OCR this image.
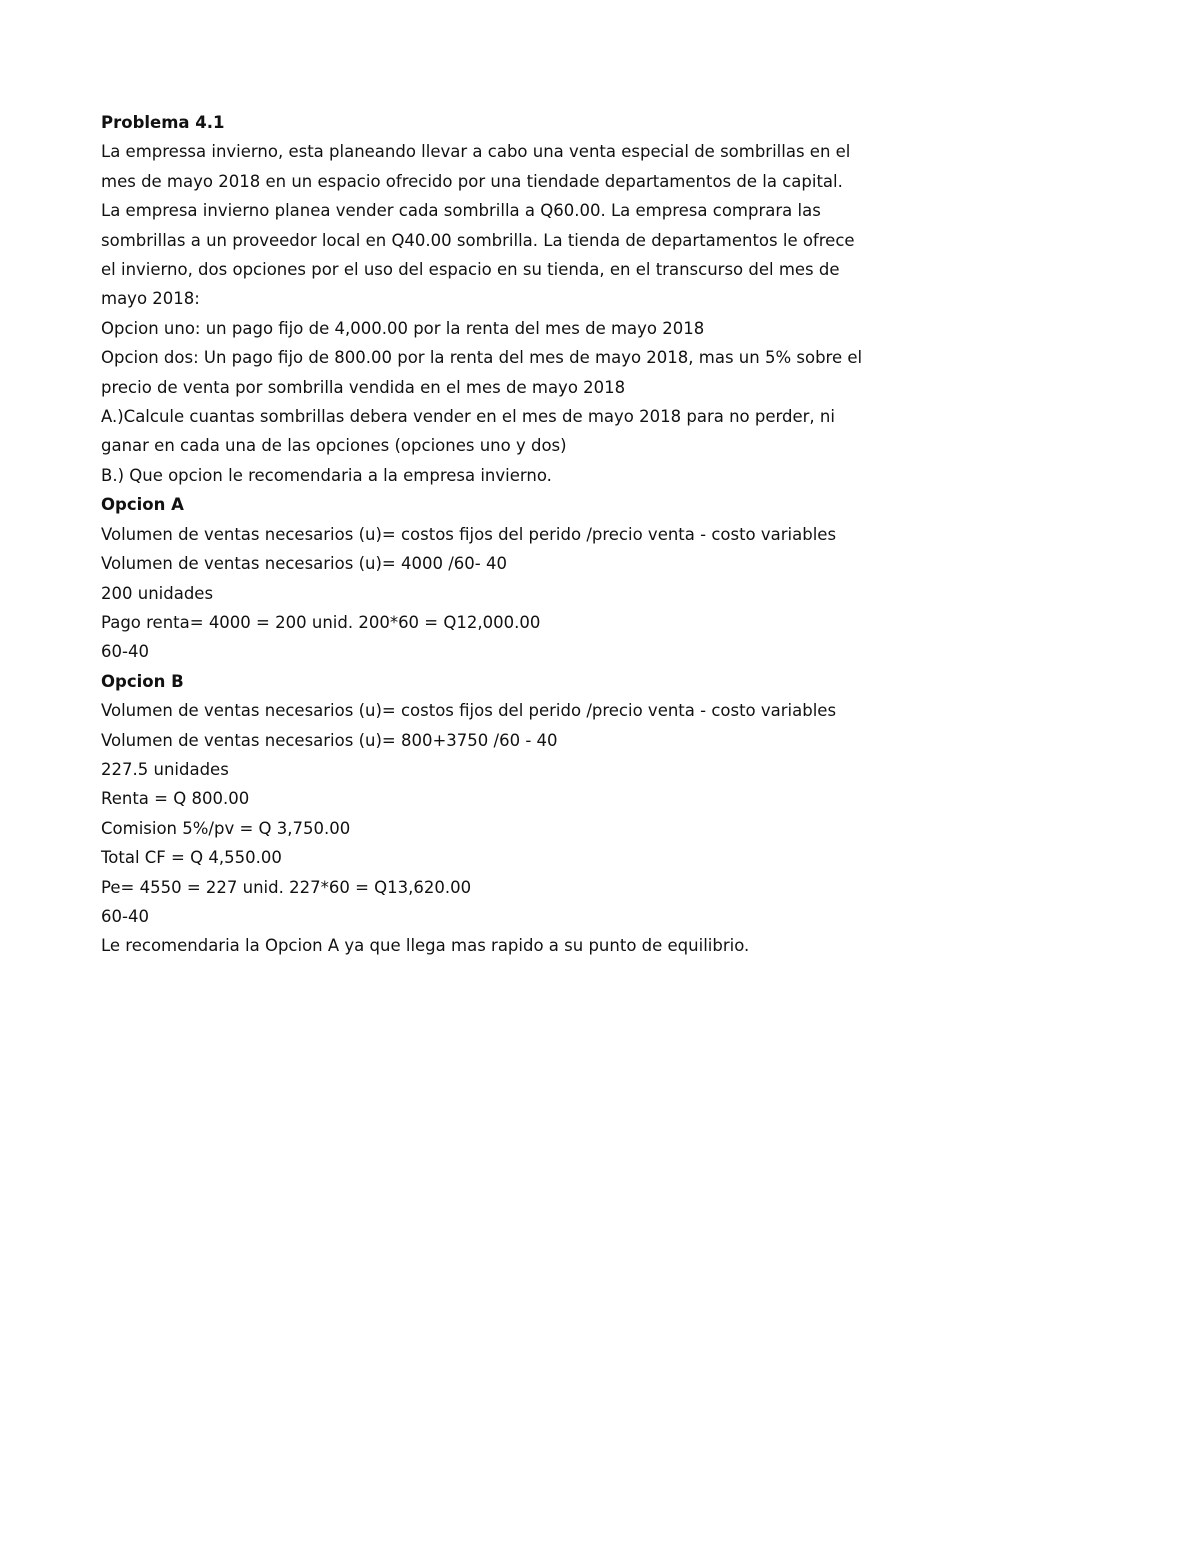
Problema 4.1
La empressa invierno, esta planeando llevar a cabo una venta especial de sombrillas en el
mes de mayo 2018 en un espacio ofrecido por una tiendade departamentos de la capital.
La empresa invierno planea vender cada sombrilla a Q60.00. La empresa comprara las
sombrillas a un proveedor local en Q40.00 sombrilla. La tienda de departamentos le ofrece
el invierno, dos opciones por el uso del espacio en su tienda, en el transcurso del mes de
mayo 2018:
Opcion uno: un pago fijo de 4,000.00 por la renta del mes de mayo 2018
Opcion dos: Un pago fijo de 800.00 por la renta del mes de mayo 2018, mas un 5% sobre el
precio de venta por sombrilla vendida en el mes de mayo 2018
A.)Calcule cuantas sombrillas debera vender en el mes de mayo 2018 para no perder, ni
ganar en cada una de las opciones (opciones uno y dos)
B.) Que opcion le recomendaria a la empresa invierno.
Opcion A
Volumen de ventas necesarios (u)= costos fijos del perido /precio venta - costo variables
Volumen de ventas necesarios (u)= 4000 /60- 40
200 unidades
Pago renta= 4000 = 200 unid. 200*60 = Q12,000.00
60-40
Opcion B
Volumen de ventas necesarios (u)= costos fijos del perido /precio venta - costo variables
Volumen de ventas necesarios (u)= 800+3750 /60 - 40
227.5 unidades
Renta = Q 800.00
Comision 5%/pv = Q 3,750.00
Total CF = Q 4,550.00
Pe= 4550 = 227 unid. 227*60 = Q13,620.00
60-40
Le recomendaria la Opcion A ya que llega mas rapido a su punto de equilibrio.
